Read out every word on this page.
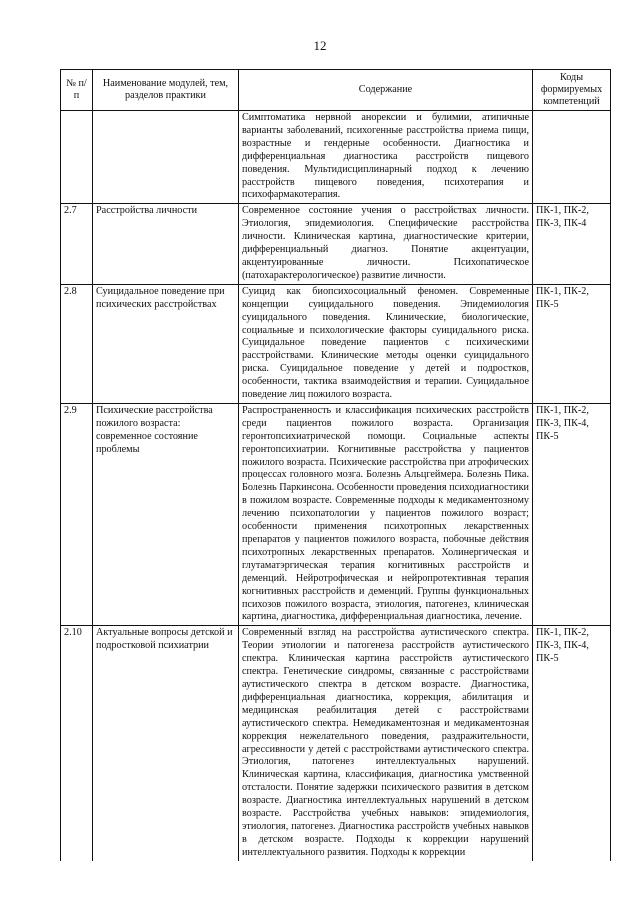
12
№ п/п	Наименование модулей, тем, разделов практики	Содержание	Коды формируемых компетенций
		Симптоматика нервной анорексии и булимии, атипичные варианты заболеваний, психогенные расстройства приема пищи, возрастные и гендерные особенности. Диагностика и дифференциальная диагностика расстройств пищевого поведения. Мультидисциплинарный подход к лечению расстройств пищевого поведения, психотерапия и психофармакотерапия.	
2.7	Расстройства личности	Современное состояние учения о расстройствах личности. Этиология, эпидемиология. Специфические расстройства личности. Клиническая картина, диагностические критерии, дифференциальный диагноз. Понятие акцентуации, акцентуированные личности. Психопатическое (патохарактерологическое) развитие личности.	ПК-1, ПК-2, ПК-3, ПК-4
2.8	Суицидальное поведение при психических расстройствах	Суицид как биопсихосоциальный феномен. Современные концепции суицидального поведения. Эпидемиология суицидального поведения. Клинические, биологические, социальные и психологические факторы суицидального риска. Суицидальное поведение пациентов с психическими расстройствами. Клинические методы оценки суицидального риска. Суицидальное поведение у детей и подростков, особенности, тактика взаимодействия и терапии. Суицидальное поведение лиц пожилого возраста.	ПК-1, ПК-2, ПК-5
2.9	Психические расстройства пожилого возраста: современное состояние проблемы	Распространенность и классификация психических расстройств среди пациентов пожилого возраста. Организация геронтопсихиатрической помощи. Социальные аспекты геронтопсихиатрии. Когнитивные расстройства у пациентов пожилого возраста. Психические расстройства при атрофических процессах головного мозга. Болезнь Альцгеймера. Болезнь Пика. Болезнь Паркинсона. Особенности проведения психодиагностики в пожилом возрасте. Современные подходы к медикаментозному лечению психопатологии у пациентов пожилого возраст; особенности применения психотропных лекарственных препаратов у пациентов пожилого возраста, побочные действия психотропных лекарственных препаратов. Холинергическая и глутаматэргическая терапия когнитивных расстройств и деменций. Нейротрофическая и нейропротективная терапия когнитивных расстройств и деменций. Группы функциональных психозов пожилого возраста, этиология, патогенез, клиническая картина, диагностика, дифференциальная диагностика, лечение.	ПК-1, ПК-2, ПК-3, ПК-4, ПК-5
2.10	Актуальные вопросы детской и подростковой психиатрии	Современный взгляд на расстройства аутистического спектра. Теории этиологии и патогенеза расстройств аутистического спектра. Клиническая картина расстройств аутистического спектра. Генетические синдромы, связанные с расстройствами аутистического спектра в детском возрасте. Диагностика, дифференциальная диагностика, коррекция, абилитация и медицинская реабилитация детей с расстройствами аутистического спектра. Немедикаментозная и медикаментозная коррекция нежелательного поведения, раздражительности, агрессивности у детей с расстройствами аутистического спектра. Этиология, патогенез интеллектуальных нарушений. Клиническая картина, классификация, диагностика умственной отсталости. Понятие задержки психического развития в детском возрасте. Диагностика интеллектуальных нарушений в детском возрасте. Расстройства учебных навыков: эпидемиология, этиология, патогенез. Диагностика расстройств учебных навыков в детском возрасте. Подходы к коррекции нарушений интеллектуального развития. Подходы к коррекции	ПК-1, ПК-2, ПК-3, ПК-4, ПК-5
